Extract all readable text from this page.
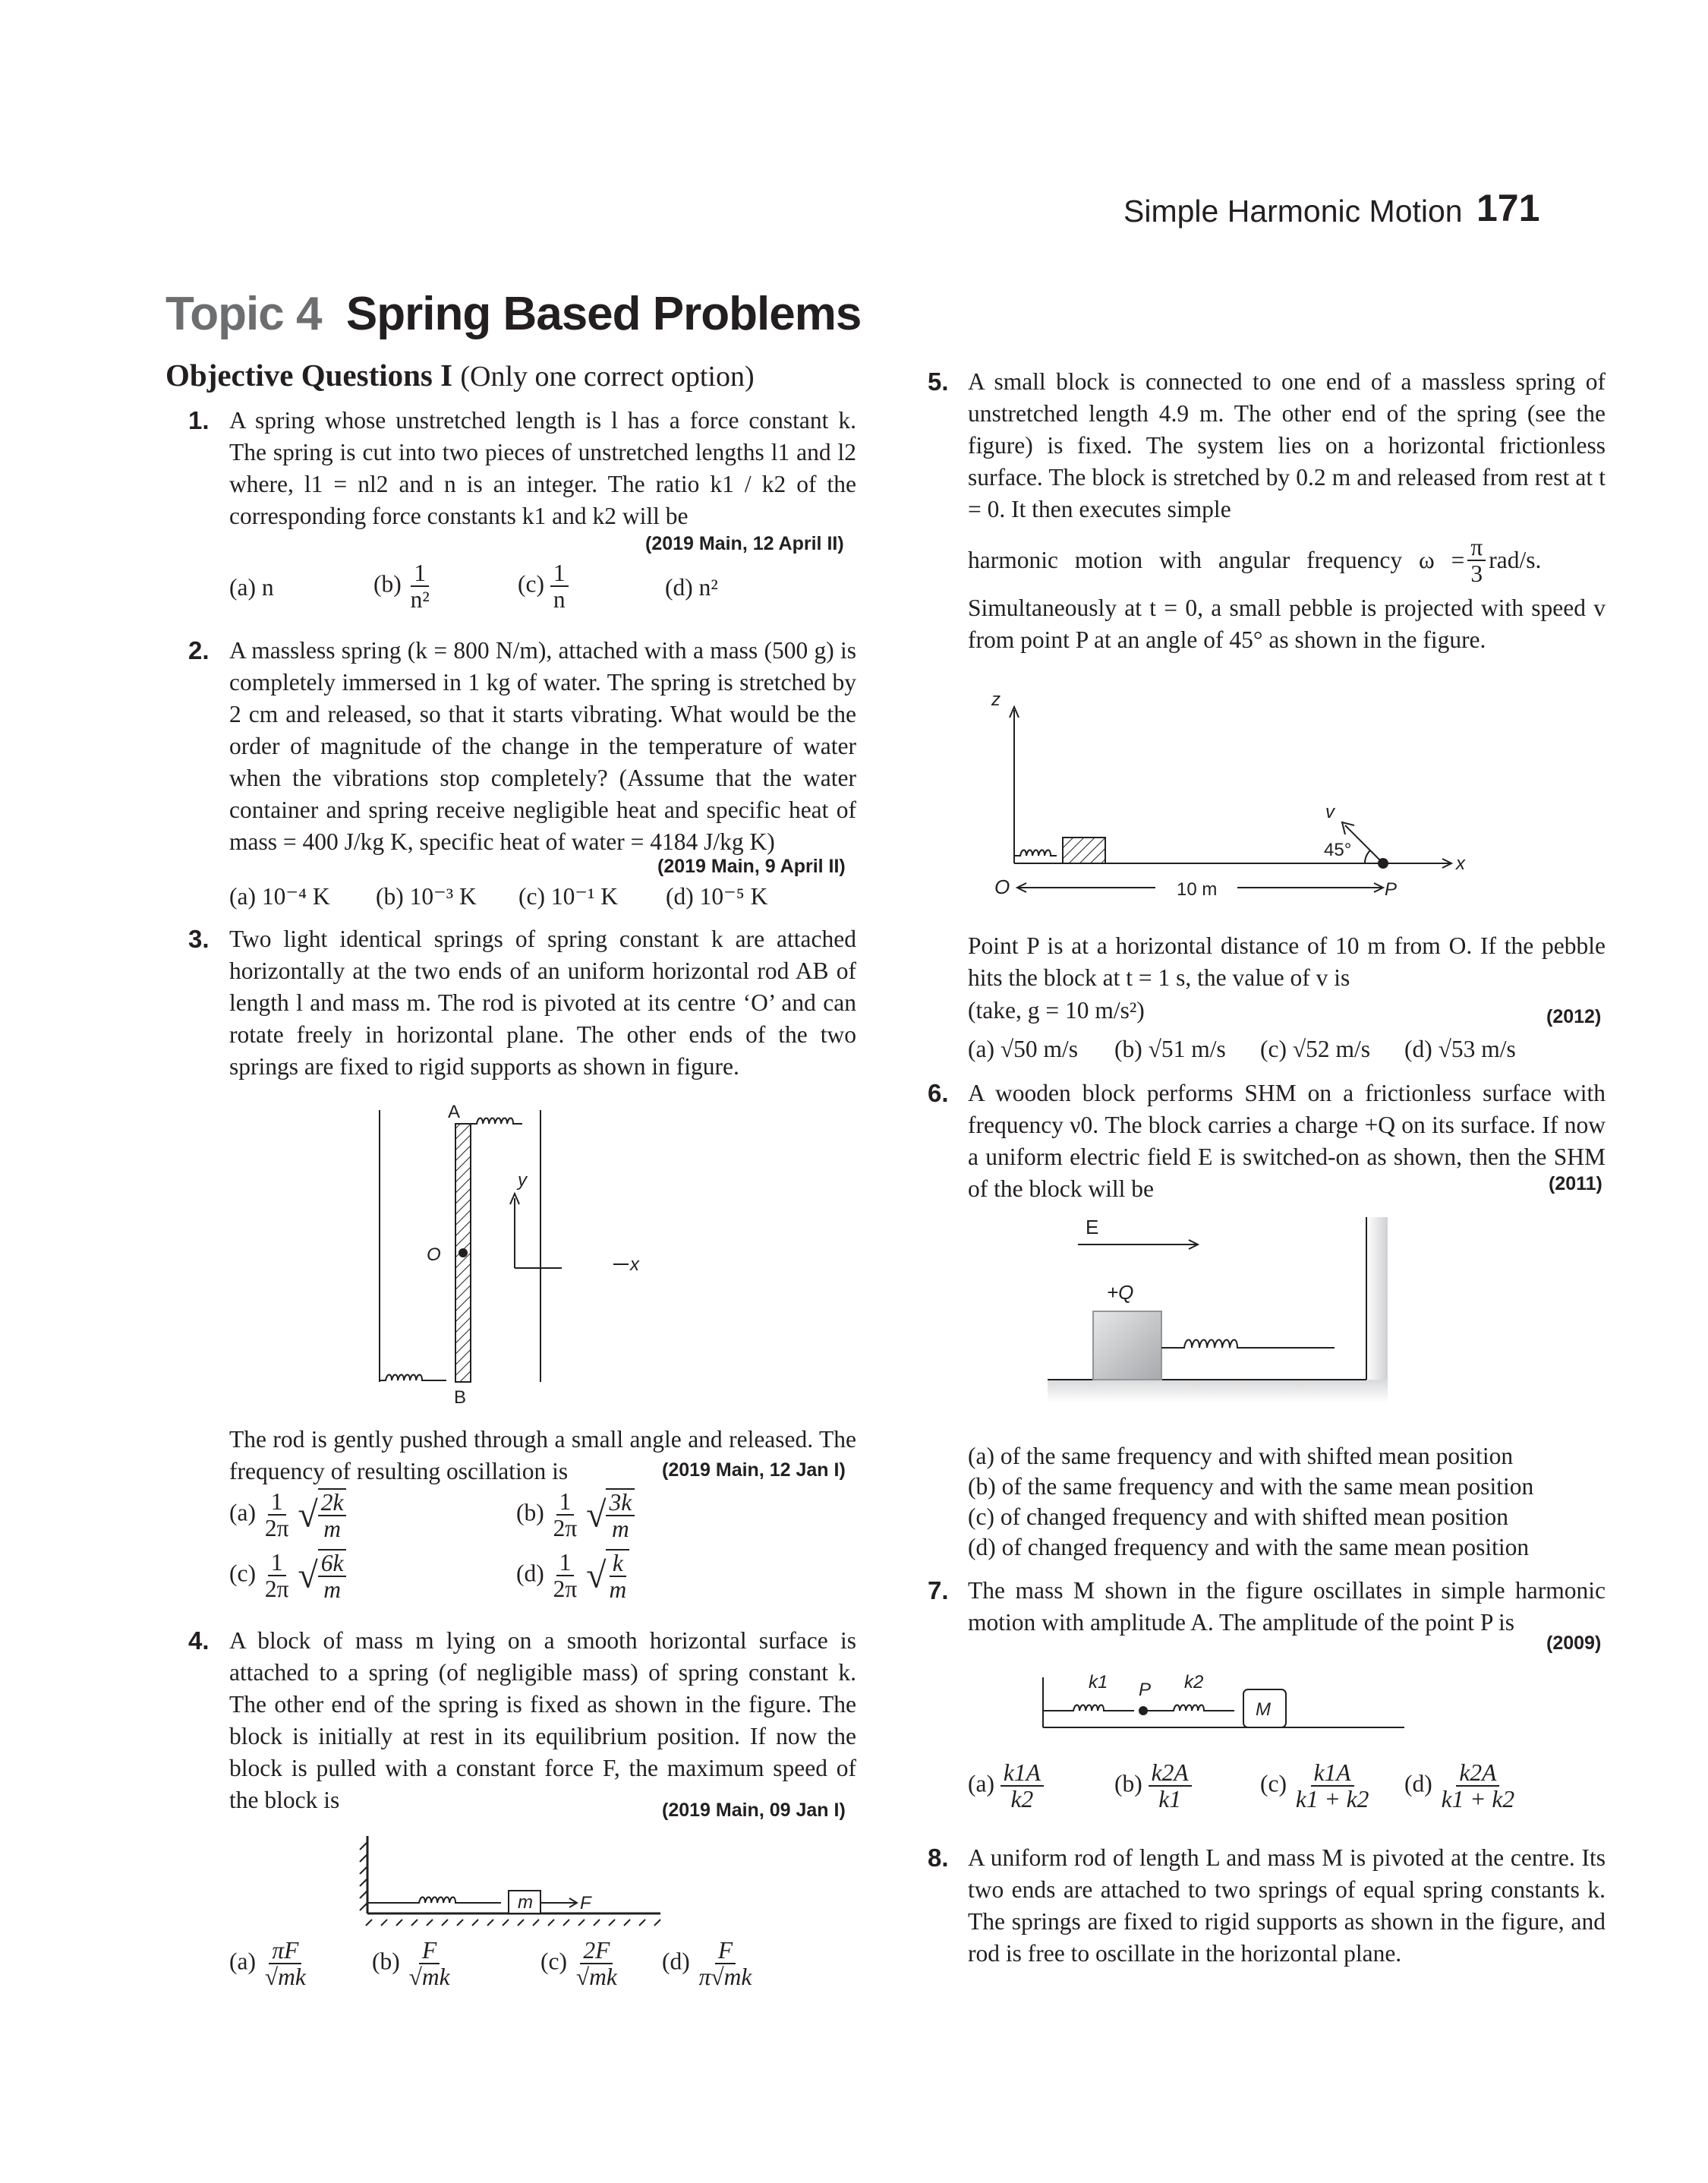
Simple Harmonic Motion 171
Topic 4 Spring Based Problems
Objective Questions I (Only one correct option)
1. A spring whose unstretched length is l has a force constant k. The spring is cut into two pieces of unstretched lengths l1 and l2 where, l1 = nl2 and n is an integer. The ratio k1 / k2 of the corresponding force constants k1 and k2 will be
(2019 Main, 12 April II)
(a) n	$(b) \frac{1}{\text{n²}}$	$(c) \frac{1}{n}$	(d) n²
2. A massless spring (k = 800 N/m), attached with a mass (500 g) is completely immersed in 1 kg of water. The spring is stretched by 2 cm and released, so that it starts vibrating. What would be the order of magnitude of the change in the temperature of water when the vibrations stop completely? (Assume that the water container and spring receive negligible heat and specific heat of mass = 400 J/kg K, specific heat of water = 4184 J/kg K)
(2019 Main, 9 April II)
(a) 10⁻⁴ K (b) 10⁻³ K (c) 10⁻¹ K (d) 10⁻⁵ K
3. Two light identical springs of spring constant k are attached horizontally at the two ends of an uniform horizontal rod AB of length l and mass m. The rod is pivoted at its centre ‘O’ and can rotate freely in horizontal plane. The other ends of the two springs are fixed to rigid supports as shown in figure.
A
B
O
y
x
The rod is gently pushed through a small angle and released. The frequency of resulting oscillation is	(2019 Main, 12 Jan I)
$(a) \frac{1}{2\pi}$ √ $\frac{2k}{m}$	$(b) \frac{1}{2\pi}$ √ $\frac{3k}{m}$
$(c) \frac{1}{2\pi}$ √ $\frac{6k}{m}$	$(d) \frac{1}{2\pi}$ √ $\frac{k}{m}$
4. A block of mass m lying on a smooth horizontal surface is attached to a spring (of negligible mass) of spring constant k. The other end of the spring is fixed as shown in the figure. The block is initially at rest in its equilibrium position. If now the block is pulled with a constant force F, the maximum speed of the block is	(2019 Main, 09 Jan I)
m	F
$(a) \frac{\pi F}{√mk}$	$(b) \frac{F}{√mk}$	$(c) \frac{2F}{√mk} (d) \frac{F}{\pi√mk}$
5. A small block is connected to one end of a massless spring of unstretched length 4.9 m. The other end of the spring (see the figure) is fixed. The system lies on a horizontal frictionless surface. The block is stretched by 0.2 m and released from rest at t = 0. It then executes simple
harmonic motion with angular frequency $\omega = \frac{\pi}{3} rad/s$.
Simultaneously at t = 0, a small pebble is projected with speed v from point P at an angle of 45° as shown in the figure.
z
x
v
45°
O	10 m	P
Point P is at a horizontal distance of 10 m from O. If the pebble hits the block at t = 1 s, the value of v is
(take, g = 10 m/s²)	(2012)
(a) √50 m/s (b) √51 m/s (c) √52 m/s (d) √53 m/s
6. A wooden block performs SHM on a frictionless surface with frequency ν0. The block carries a charge +Q on its surface. If now a uniform electric field E is switched-on as shown, then the SHM of the block will be	(2011)
E
+Q
(a) of the same frequency and with shifted mean position
(b) of the same frequency and with the same mean position
(c) of changed frequency and with shifted mean position
(d) of changed frequency and with the same mean position
7. The mass M shown in the figure oscillates in simple harmonic motion with amplitude A. The amplitude of the point P is
(2009)
k1 P k2
M
$(a) \frac{k1A}{k2}$	$(b) \frac{k2A}{k1}$	$(c) \frac{k1A}{k1 + k2} (d) \frac{k2A}{k1 + k2}$
8. A uniform rod of length L and mass M is pivoted at the centre. Its two ends are attached to two springs of equal spring constants k. The springs are fixed to rigid supports as shown in the figure, and rod is free to oscillate in the horizontal plane.
